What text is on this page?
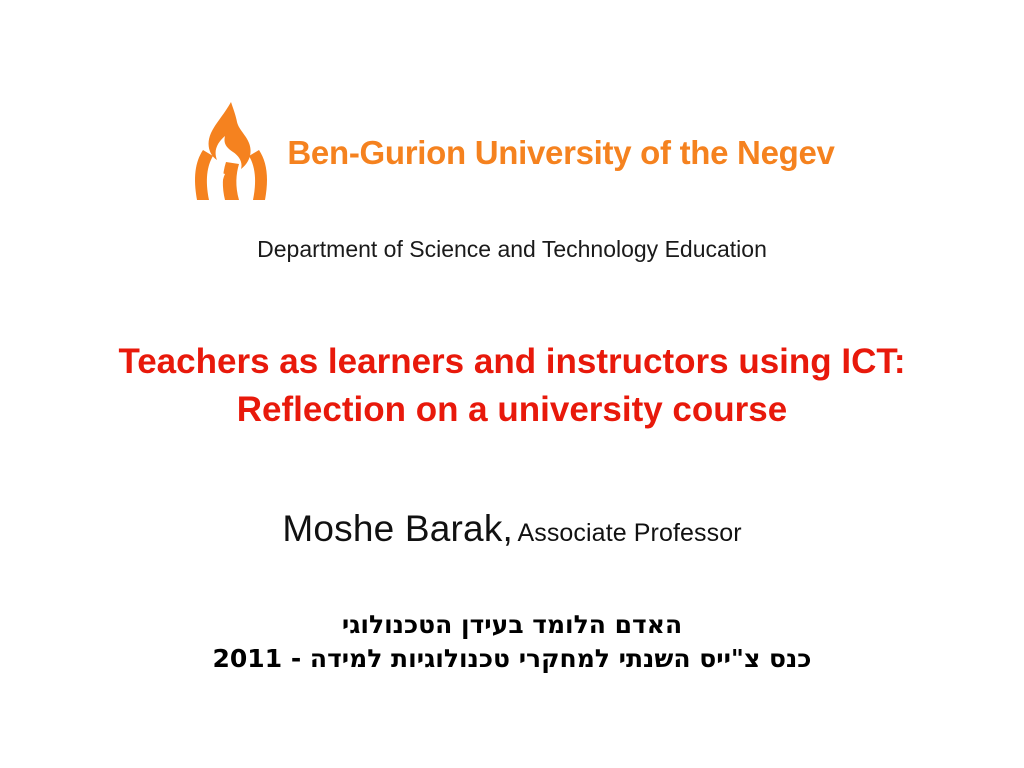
Ben-Gurion University of the Negev
Department of Science and Technology Education
Teachers as learners and instructors using ICT:
Reflection on a university course
Moshe Barak, Associate Professor
האדם הלומד בעידן הטכנולוגי
כנס צ"ייס השנתי למחקרי טכנולוגיות למידה - 2011
